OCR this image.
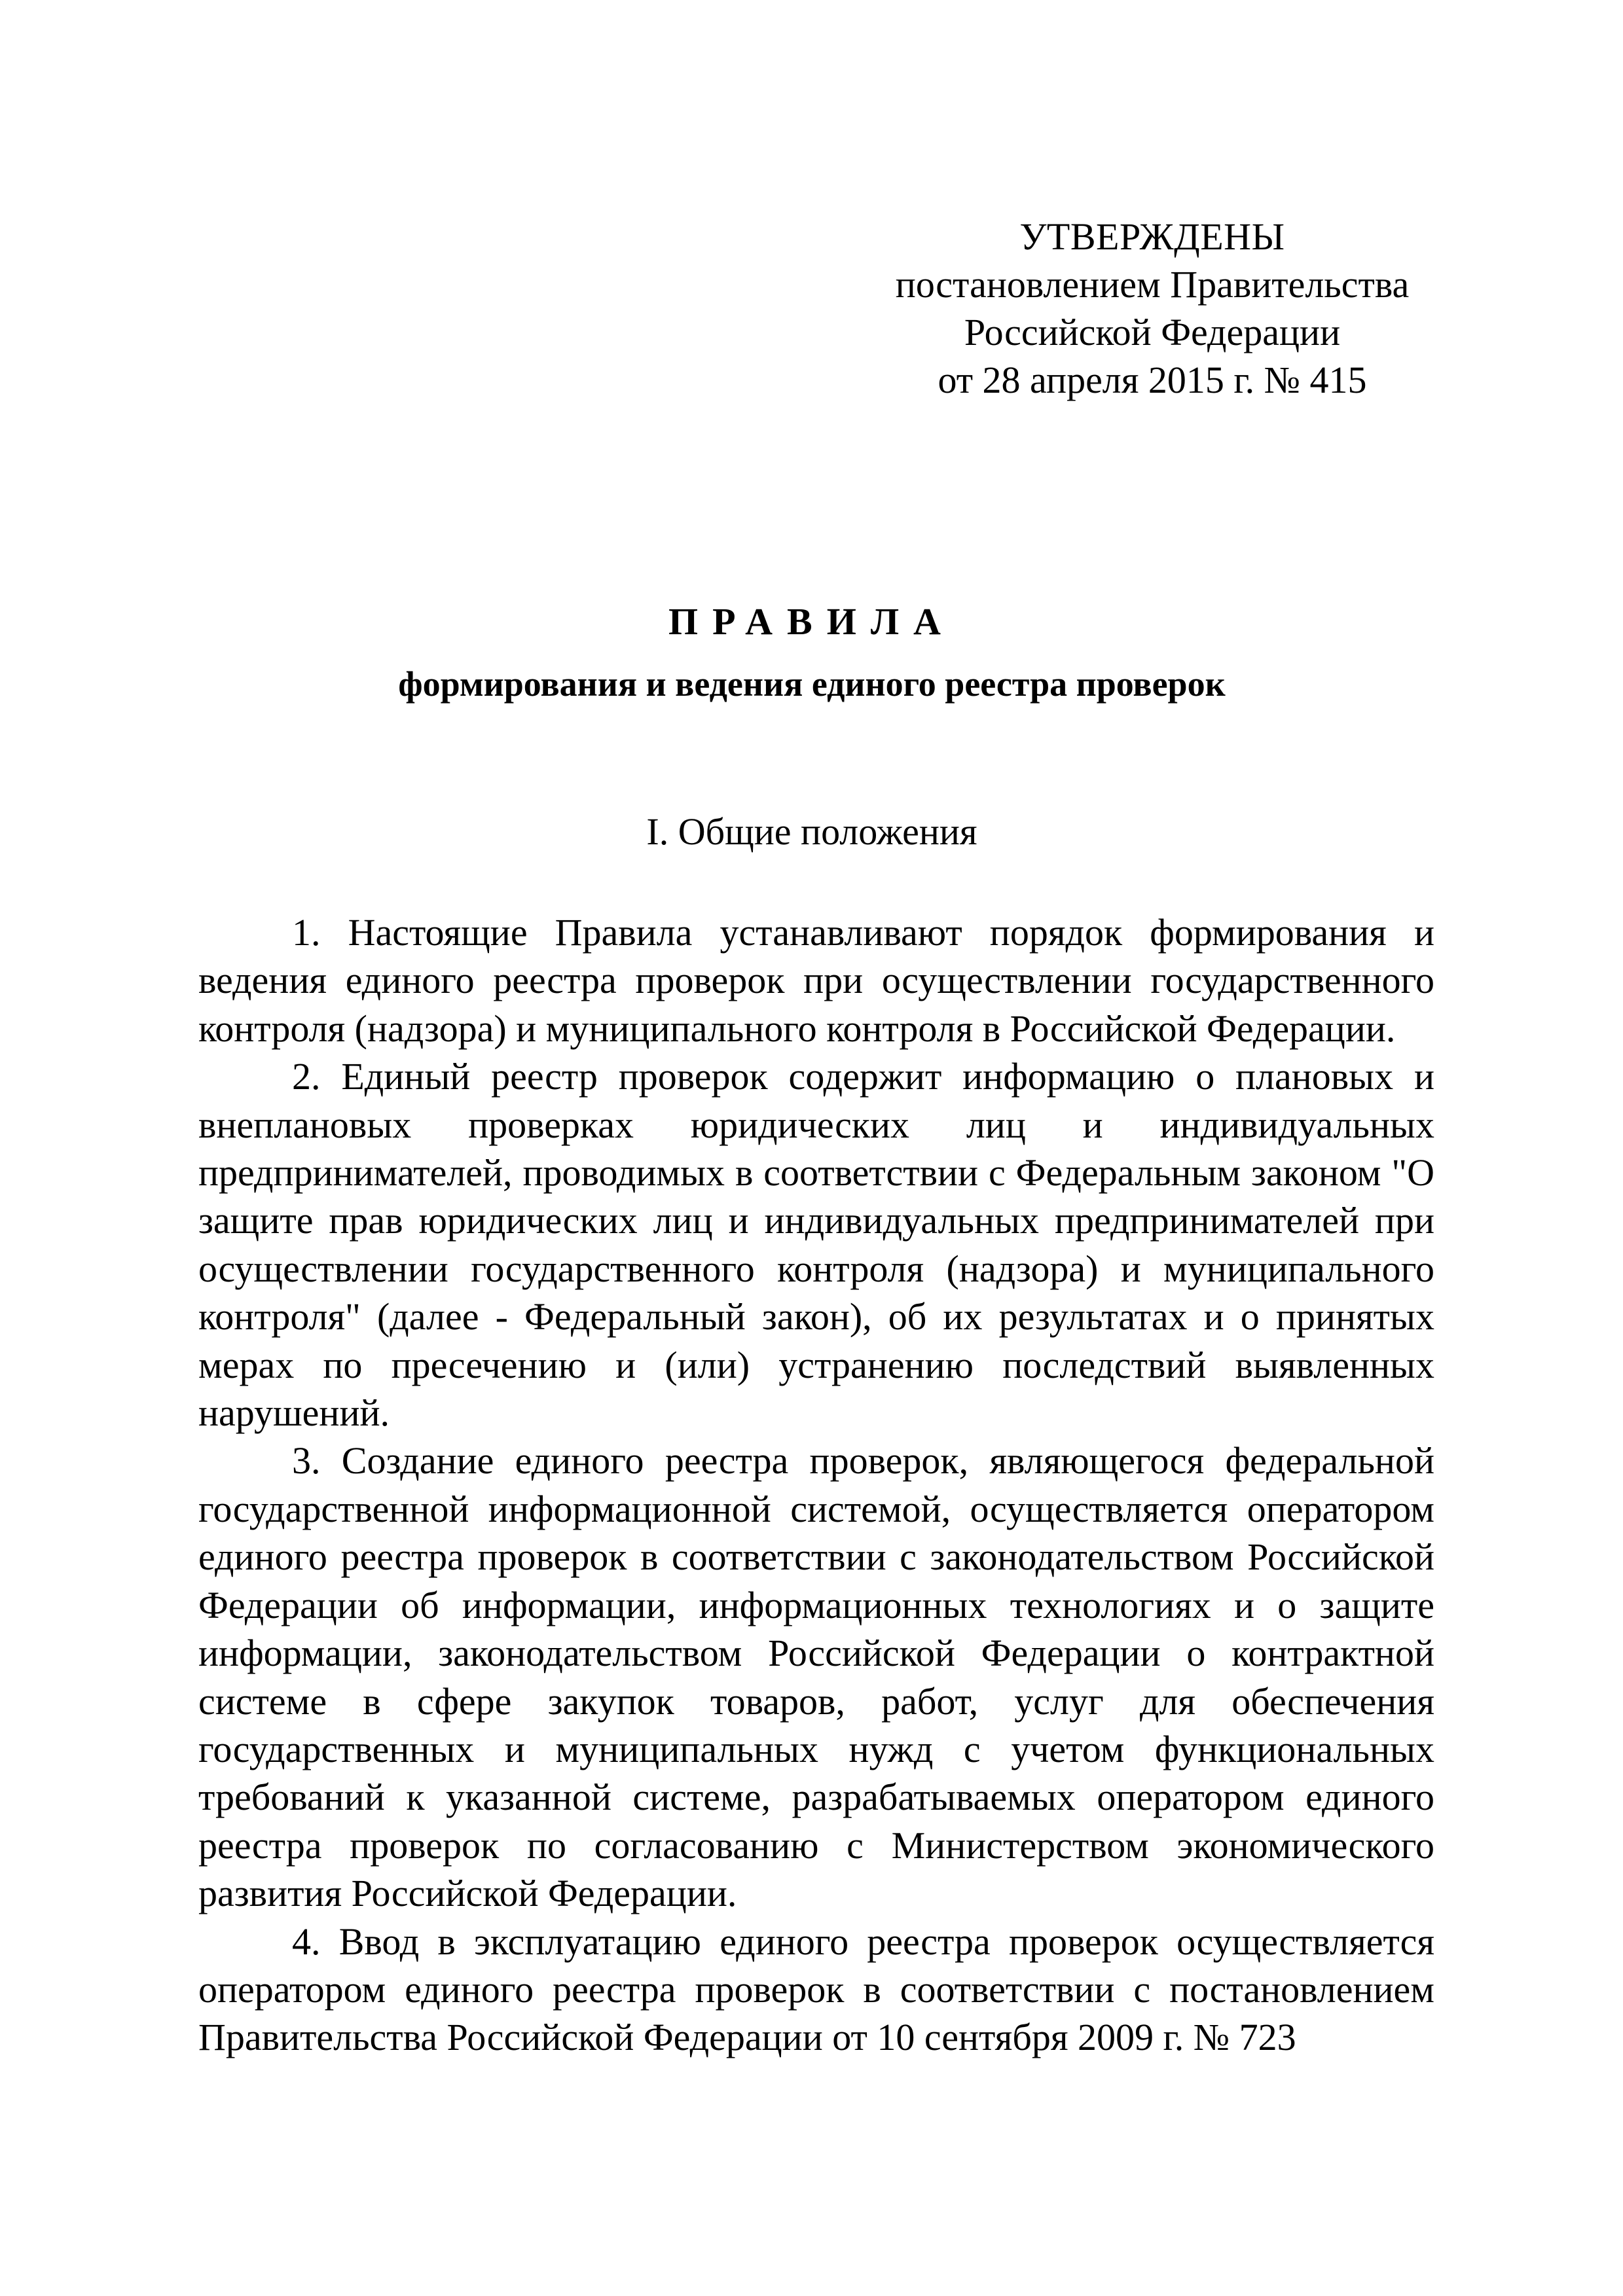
УТВЕРЖДЕНЫ
постановлением Правительства
Российской Федерации
от 28 апреля 2015 г. № 415
ПРАВИЛА
формирования и ведения единого реестра проверок
I. Общие положения

1. Настоящие Правила устанавливают порядок формирования и ведения единого реестра проверок при осуществлении государственного контроля (надзора) и муниципального контроля в Российской Федерации.

2. Единый реестр проверок содержит информацию о плановых и внеплановых проверках юридических лиц и индивидуальных предпринимателей, проводимых в соответствии с Федеральным законом "О защите прав юридических лиц и индивидуальных предпринимателей при осуществлении государственного контроля (надзора) и муниципального контроля" (далее - Федеральный закон), об их результатах и о принятых мерах по пресечению и (или) устранению последствий выявленных нарушений.

3. Создание единого реестра проверок, являющегося федеральной государственной информационной системой, осуществляется оператором единого реестра проверок в соответствии с законодательством Российской Федерации об информации, информационных технологиях и о защите информации, законодательством Российской Федерации о контрактной системе в сфере закупок товаров, работ, услуг для обеспечения государственных и муниципальных нужд с учетом функциональных требований к указанной системе, разрабатываемых оператором единого реестра проверок по согласованию с Министерством экономического развития Российской Федерации.

4. Ввод в эксплуатацию единого реестра проверок осуществляется оператором единого реестра проверок в соответствии с постановлением Правительства Российской Федерации от 10 сентября 2009 г. № 723
